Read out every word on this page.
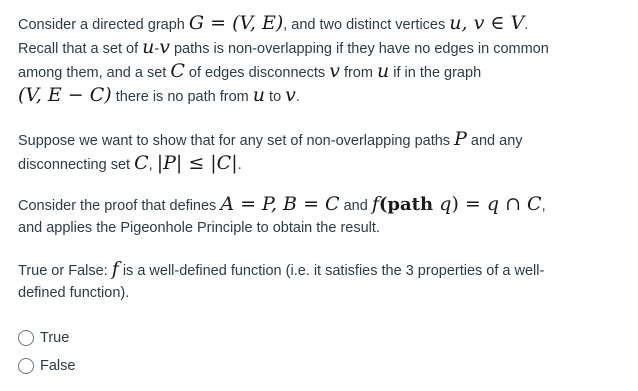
Consider a directed graph G = (V, E), and two distinct vertices u, v ∈ V.
Recall that a set of u-v paths is non-overlapping if they have no edges in common
among them, and a set C of edges disconnects v from u if in the graph
(V, E − C) there is no path from u to v.

Suppose we want to show that for any set of non-overlapping paths P and any
disconnecting set C, |P| ≤ |C|.

Consider the proof that defines A = P, B = C and f(path q) = q ∩ C,
and applies the Pigeonhole Principle to obtain the result.

True or False: f is a well-defined function (i.e. it satisfies the 3 properties of a well-
defined function).

True
False
